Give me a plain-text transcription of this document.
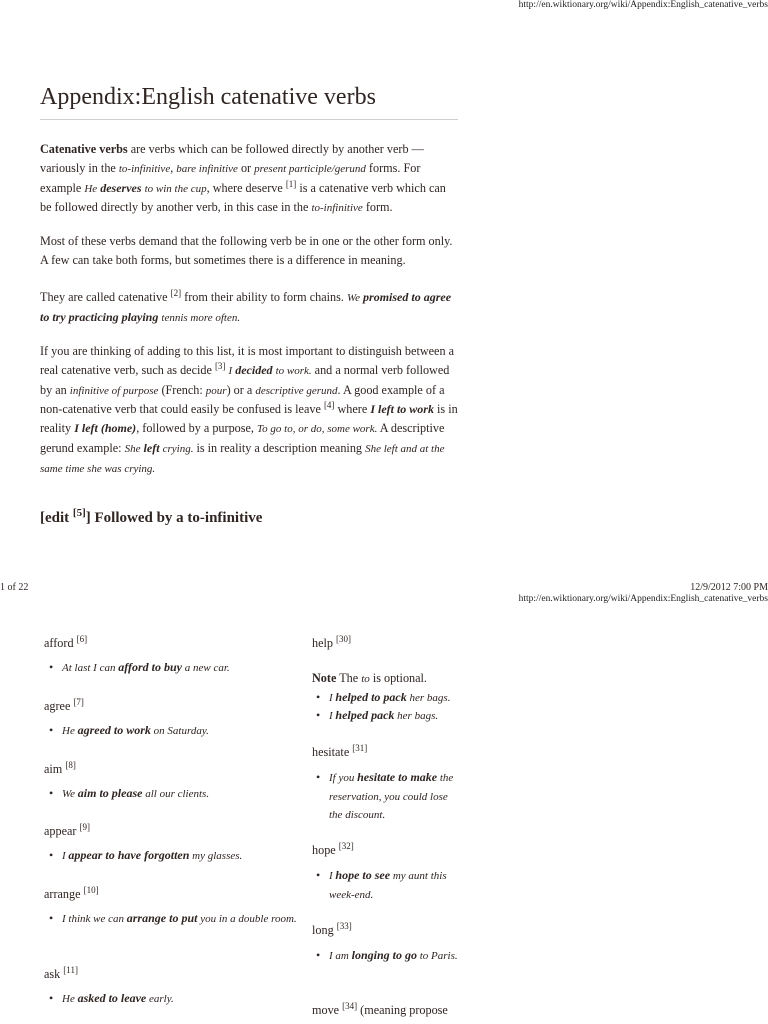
http://en.wiktionary.org/wiki/Appendix:English_catenative_verbs
Appendix:English catenative verbs
Catenative verbs are verbs which can be followed directly by another verb — variously in the to-infinitive, bare infinitive or present participle/gerund forms. For example He deserves to win the cup, where deserve [1] is a catenative verb which can be followed directly by another verb, in this case in the to-infinitive form.
Most of these verbs demand that the following verb be in one or the other form only. A few can take both forms, but sometimes there is a difference in meaning.
They are called catenative [2] from their ability to form chains. We promised to agree to try practicing playing tennis more often.
If you are thinking of adding to this list, it is most important to distinguish between a real catenative verb, such as decide [3] I decided to work. and a normal verb followed by an infinitive of purpose (French: pour) or a descriptive gerund. A good example of a non-catenative verb that could easily be confused is leave [4] where I left to work is in reality I left (home), followed by a purpose, To go to, or do, some work. A descriptive gerund example: She left crying. is in reality a description meaning She left and at the same time she was crying.
[edit [5]] Followed by a to-infinitive
1 of 22	12/9/2012 7:00 PM
http://en.wiktionary.org/wiki/Appendix:English_catenative_verbs
afford [6]
• At last I can afford to buy a new car.
agree [7]
• He agreed to work on Saturday.
aim [8]
• We aim to please all our clients.
appear [9]
• I appear to have forgotten my glasses.
arrange [10]
• I think we can arrange to put you in a double room.
ask [11]
• He asked to leave early.
help [30]
Note The to is optional.
• I helped to pack her bags.
• I helped pack her bags.
hesitate [31]
• If you hesitate to make the reservation, you could lose the discount.
hope [32]
• I hope to see my aunt this week-end.
long [33]
• I am longing to go to Paris.
move [34] (meaning propose
